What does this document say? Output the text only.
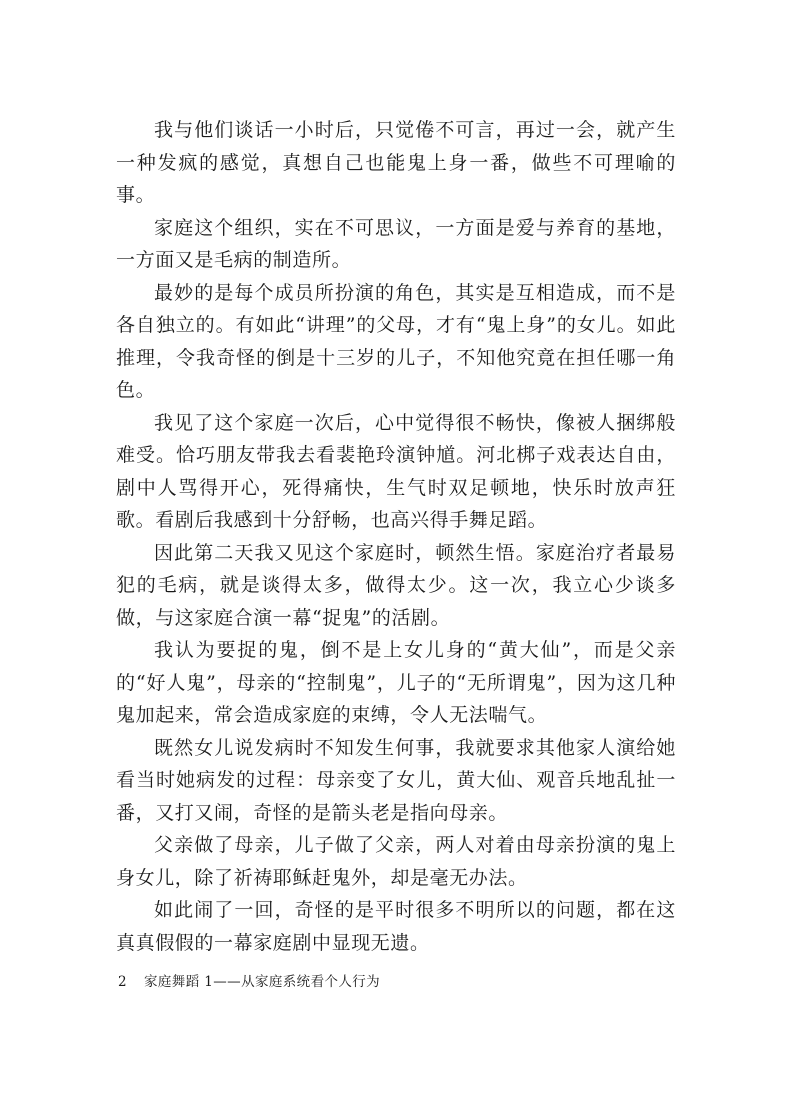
我与他们谈话一小时后，只觉倦不可言，再过一会，就产生一种发疯的感觉，真想自己也能鬼上身一番，做些不可理喻的事。

家庭这个组织，实在不可思议，一方面是爱与养育的基地，一方面又是毛病的制造所。

最妙的是每个成员所扮演的角色，其实是互相造成，而不是各自独立的。有如此“讲理”的父母，才有“鬼上身”的女儿。如此推理，令我奇怪的倒是十三岁的儿子，不知他究竟在担任哪一角色。

我见了这个家庭一次后，心中觉得很不畅快，像被人捆绑般难受。恰巧朋友带我去看裴艳玲演钟馗。河北梆子戏表达自由，剧中人骂得开心，死得痛快，生气时双足顿地，快乐时放声狂歌。看剧后我感到十分舒畅，也高兴得手舞足蹈。

因此第二天我又见这个家庭时，顿然生悟。家庭治疗者最易犯的毛病，就是谈得太多，做得太少。这一次，我立心少谈多做，与这家庭合演一幕“捉鬼”的活剧。

我认为要捉的鬼，倒不是上女儿身的“黄大仙”，而是父亲的“好人鬼”，母亲的“控制鬼”，儿子的“无所谓鬼”，因为这几种鬼加起来，常会造成家庭的束缚，令人无法喘气。

既然女儿说发病时不知发生何事，我就要求其他家人演给她看当时她病发的过程：母亲变了女儿，黄大仙、观音兵地乱扯一番，又打又闹，奇怪的是箭头老是指向母亲。

父亲做了母亲，儿子做了父亲，两人对着由母亲扮演的鬼上身女儿，除了祈祷耶稣赶鬼外，却是毫无办法。

如此闹了一回，奇怪的是平时很多不明所以的问题，都在这真真假假的一幕家庭剧中显现无遗。

2 家庭舞蹈 1——从家庭系统看个人行为
